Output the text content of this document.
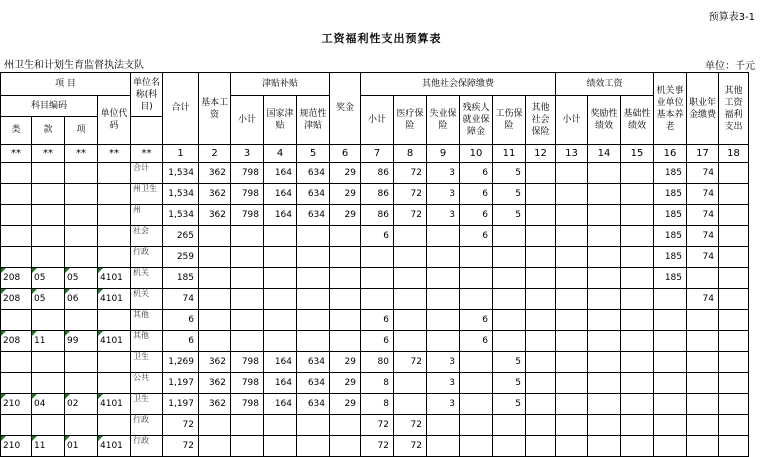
预算表3-1
工资福利性支出预算表
州卫生和计划生育监督执法支队	单位：千元
项 目				单位名称(科目)	合计	基本工资	津贴补贴			奖金	其他社会保障缴费						绩效工资			机关事业单位基本养老	职业年金缴费	其他工资福利支出
科目编码			单位代码				小计	国家津贴	规范性津贴		小计	医疗保险	失业保险	残疾人就业保障金	工伤保险	其他社会保险	小计	奖励性绩效	基础性绩效			
类	款	项																				
**	**	**	**	**	1	2	3	4	5	6	7	8	9	10	11	12	13	14	15	16	17	18
				合计	1,534	362	798	164	634	29	86	72	3	6	5					185	74	
				州卫生	1,534	362	798	164	634	29	86	72	3	6	5					185	74	
				州	1,534	362	798	164	634	29	86	72	3	6	5					185	74	
				社会	265						6			6						185	74	
				行政	259															185	74	
208	05	05	4101	机关	185															185		
208	05	06	4101	机关	74																74	
				其他	6						6			6								
208	11	99	4101	其他	6						6			6								
				卫生	1,269	362	798	164	634	29	80	72	3		5							
				公共	1,197	362	798	164	634	29	8		3		5							
210	04	02	4101	卫生	1,197	362	798	164	634	29	8		3		5							
				行政	72						72	72										
210	11	01	4101	行政	72						72	72										
